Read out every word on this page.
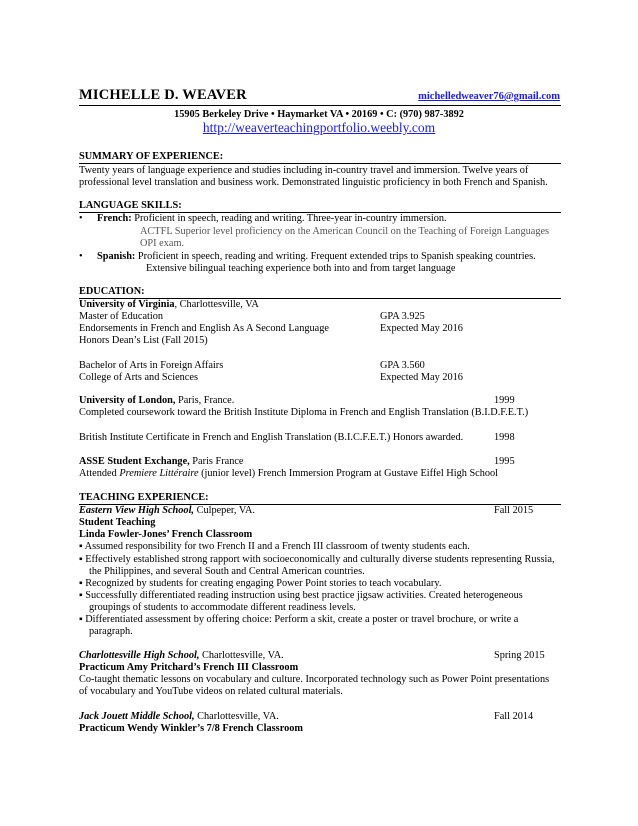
MICHELLE D. WEAVER	michelledweaver76@gmail.com
15905 Berkeley Drive • Haymarket VA • 20169 • C: (970) 987-3892
http://weaverteachingportfolio.weebly.com
SUMMARY OF EXPERIENCE:
Twenty years of language experience and studies including in-country travel and immersion. Twelve years of
professional level translation and business work. Demonstrated linguistic proficiency in both French and Spanish.
LANGUAGE SKILLS:
• French: Proficient in speech, reading and writing. Three-year in-country immersion.
ACTFL Superior level proficiency on the American Council on the Teaching of Foreign Languages
OPI exam.
• Spanish: Proficient in speech, reading and writing. Frequent extended trips to Spanish speaking countries.
Extensive bilingual teaching experience both into and from target language
EDUCATION:
University of Virginia, Charlottesville, VA
Master of Education	GPA 3.925
Endorsements in French and English As A Second Language	Expected May 2016
Honors Dean’s List (Fall 2015)
Bachelor of Arts in Foreign Affairs	GPA 3.560
College of Arts and Sciences	Expected May 2016
University of London, Paris, France.	1999
Completed coursework toward the British Institute Diploma in French and English Translation (B.I.D.F.E.T.)
British Institute Certificate in French and English Translation (B.I.C.F.E.T.) Honors awarded.	1998
ASSE Student Exchange, Paris France	1995
Attended Premiere Littéraire (junior level) French Immersion Program at Gustave Eiffel High School
TEACHING EXPERIENCE:
Eastern View High School, Culpeper, VA.	Fall 2015
Student Teaching
Linda Fowler-Jones’ French Classroom
▪ Assumed responsibility for two French II and a French III classroom of twenty students each.
▪ Effectively established strong rapport with socioeconomically and culturally diverse students representing Russia,
the Philippines, and several South and Central American countries.
▪ Recognized by students for creating engaging Power Point stories to teach vocabulary.
▪ Successfully differentiated reading instruction using best practice jigsaw activities. Created heterogeneous
groupings of students to accommodate different readiness levels.
▪ Differentiated assessment by offering choice: Perform a skit, create a poster or travel brochure, or write a
paragraph.
Charlottesville High School, Charlottesville, VA.	Spring 2015
Practicum Amy Pritchard’s French III Classroom
Co-taught thematic lessons on vocabulary and culture. Incorporated technology such as Power Point presentations
of vocabulary and YouTube videos on related cultural materials.
Jack Jouett Middle School, Charlottesville, VA.	Fall 2014
Practicum Wendy Winkler’s 7/8 French Classroom
